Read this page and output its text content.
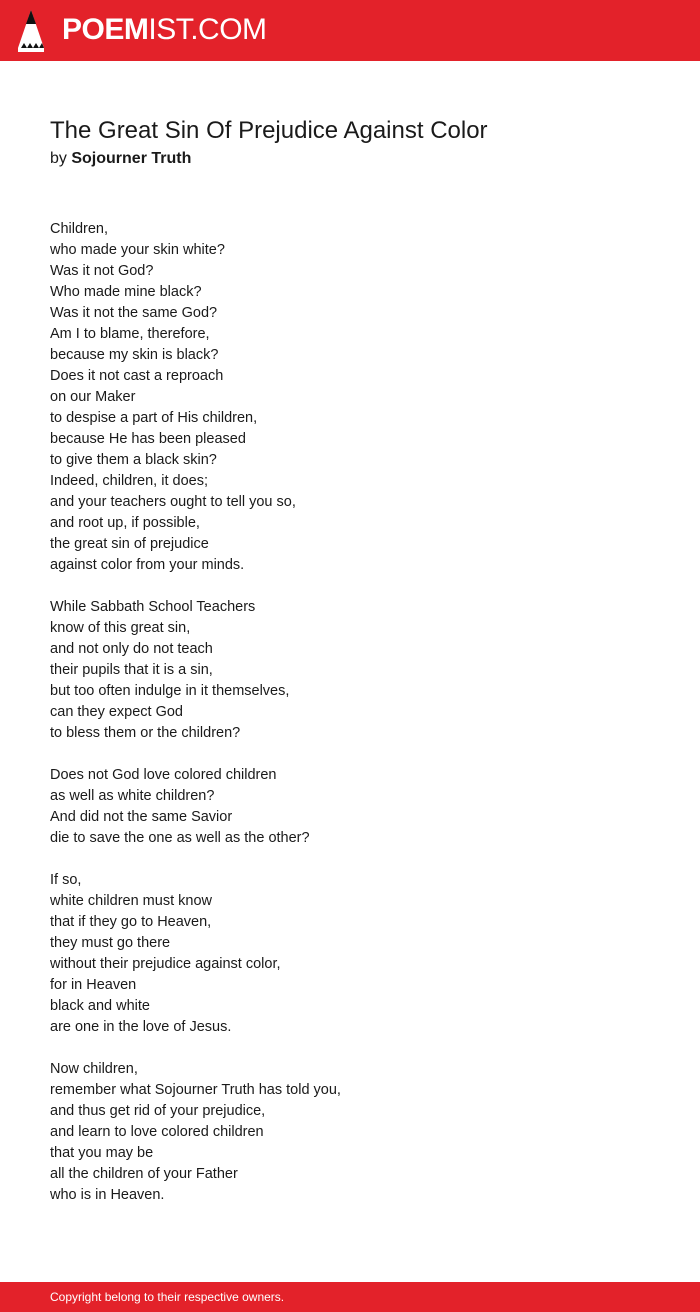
POEMIST.COM
The Great Sin Of Prejudice Against Color
by Sojourner Truth
Children,
who made your skin white?
Was it not God?
Who made mine black?
Was it not the same God?
Am I to blame, therefore,
because my skin is black?
Does it not cast a reproach
on our Maker
to despise a part of His children,
because He has been pleased
to give them a black skin?
Indeed, children, it does;
and your teachers ought to tell you so,
and root up, if possible,
the great sin of prejudice
against color from your minds.
While Sabbath School Teachers
know of this great sin,
and not only do not teach
their pupils that it is a sin,
but too often indulge in it themselves,
can they expect God
to bless them or the children?
Does not God love colored children
as well as white children?
And did not the same Savior
die to save the one as well as the other?
If so,
white children must know
that if they go to Heaven,
they must go there
without their prejudice against color,
for in Heaven
black and white
are one in the love of Jesus.
Now children,
remember what Sojourner Truth has told you,
and thus get rid of your prejudice,
and learn to love colored children
that you may be
all the children of your Father
who is in Heaven.
Copyright belong to their respective owners.
